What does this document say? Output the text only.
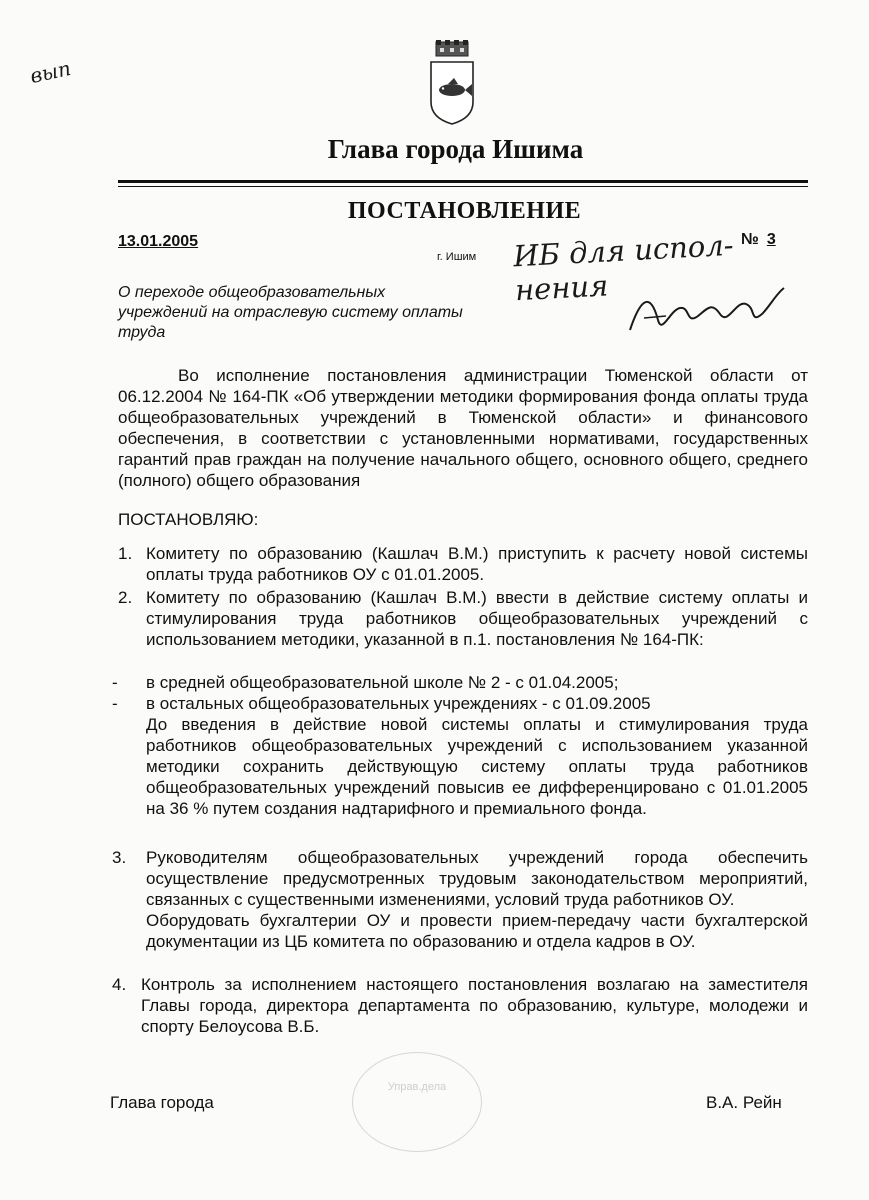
Глава города Ишима
ПОСТАНОВЛЕНИЕ
13.01.2005	№ 3
г. Ишим
О переходе общеобразовательных учреждений на отраслевую систему оплаты труда
Во исполнение постановления администрации Тюменской области от 06.12.2004 № 164-ПК «Об утверждении методики формирования фонда оплаты труда общеобразовательных учреждений в Тюменской области» и финансового обеспечения, в соответствии с установленными нормативами, государственных гарантий прав граждан на получение начального общего, основного общего, среднего (полного) общего образования
ПОСТАНОВЛЯЮ:
1. Комитету по образованию (Кашлач В.М.) приступить к расчету новой системы оплаты труда работников ОУ с 01.01.2005.
2. Комитету по образованию (Кашлач В.М.) ввести в действие систему оплаты и стимулирования труда работников общеобразовательных учреждений с использованием методики, указанной в п.1. постановления № 164-ПК:
- в средней общеобразовательной школе № 2 - с 01.04.2005;
- в остальных общеобразовательных учреждениях - с 01.09.2005
До введения в действие новой системы оплаты и стимулирования труда работников общеобразовательных учреждений с использованием указанной методики сохранить действующую систему оплаты труда работников общеобразовательных учреждений повысив ее дифференцировано с 01.01.2005 на 36 % путем создания надтарифного и премиального фонда.
3. Руководителям общеобразовательных учреждений города обеспечить осуществление предусмотренных трудовым законодательством мероприятий, связанных с существенными изменениями, условий труда работников ОУ.
Оборудовать бухгалтерии ОУ и провести прием-передачу части бухгалтерской документации из ЦБ комитета по образованию и отдела кадров в ОУ.
4. Контроль за исполнением настоящего постановления возлагаю на заместителя Главы города, директора департамента по образованию, культуре, молодежи и спорту Белоусова В.Б.
Глава города	В.А. Рейн
Управ.дела
вып
ИБ для испол-
нения
